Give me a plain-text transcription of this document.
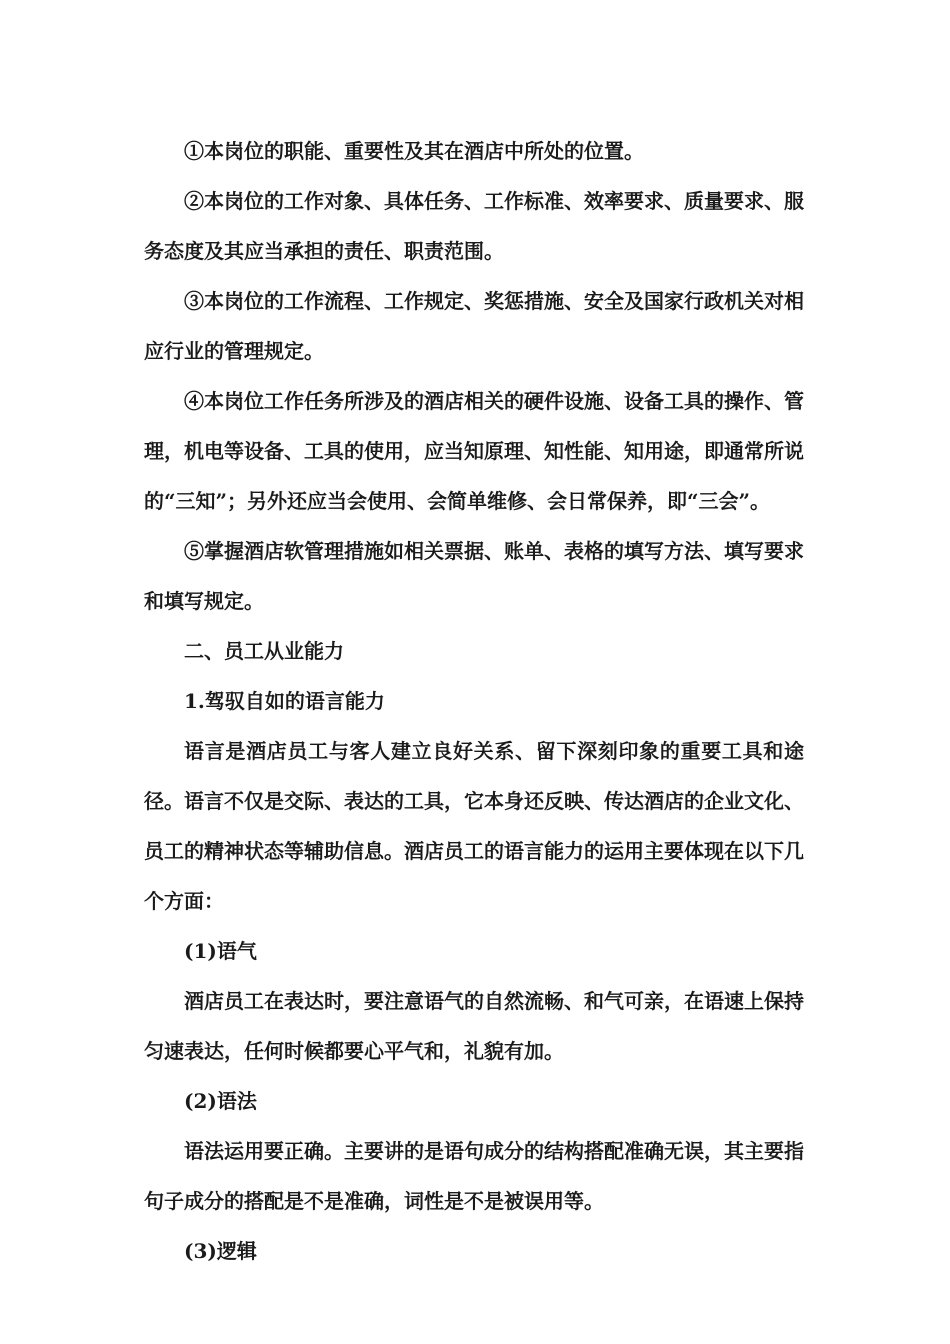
①本岗位的职能、重要性及其在酒店中所处的位置。

②本岗位的工作对象、具体任务、工作标准、效率要求、质量要求、服务态度及其应当承担的责任、职责范围。

③本岗位的工作流程、工作规定、奖惩措施、安全及国家行政机关对相应行业的管理规定。

④本岗位工作任务所涉及的酒店相关的硬件设施、设备工具的操作、管理，机电等设备、工具的使用，应当知原理、知性能、知用途，即通常所说的“三知”；另外还应当会使用、会简单维修、会日常保养，即“三会”。

⑤掌握酒店软管理措施如相关票据、账单、表格的填写方法、填写要求和填写规定。

二、员工从业能力

1.驾驭自如的语言能力

语言是酒店员工与客人建立良好关系、留下深刻印象的重要工具和途径。语言不仅是交际、表达的工具，它本身还反映、传达酒店的企业文化、员工的精神状态等辅助信息。酒店员工的语言能力的运用主要体现在以下几个方面：

(1)语气

酒店员工在表达时，要注意语气的自然流畅、和气可亲，在语速上保持匀速表达，任何时候都要心平气和，礼貌有加。

(2)语法

语法运用要正确。主要讲的是语句成分的结构搭配准确无误，其主要指句子成分的搭配是不是准确，词性是不是被误用等。

(3)逻辑
